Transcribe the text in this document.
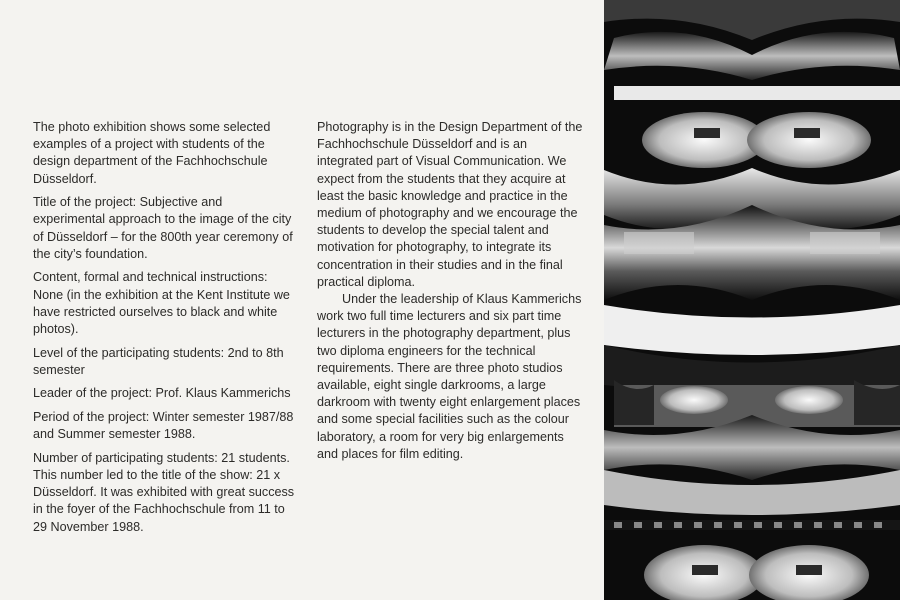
The photo exhibition shows some selected examples of a project with students of the design department of the Fachhochschule Düsseldorf.

Title of the project: Subjective and experimental approach to the image of the city of Düsseldorf – for the 800th year ceremony of the city’s foundation.

Content, formal and technical instructions: None (in the exhibition at the Kent Institute we have restricted ourselves to black and white photos).

Level of the participating students: 2nd to 8th semester

Leader of the project: Prof. Klaus Kammerichs

Period of the project: Winter semester 1987/88 and Summer semester 1988.

Number of participating students: 21 students. This number led to the title of the show: 21 x Düsseldorf. It was exhibited with great success in the foyer of the Fachhochschule from 11 to 29 November 1988.

Photography is in the Design Department of the Fachhochschule Düsseldorf and is an integrated part of Visual Communication. We expect from the students that they acquire at least the basic knowledge and practice in the medium of photography and we encourage the students to develop the special talent and motivation for photography, to integrate its concentration in their studies and in the final practical diploma.

Under the leadership of Klaus Kammerichs work two full time lecturers and six part time lecturers in the photography department, plus two diploma engineers for the technical requirements. There are three photo studios available, eight single darkrooms, a large darkroom with twenty eight enlargement places and some special facilities such as the colour laboratory, a room for very big enlargements and places for film editing.
